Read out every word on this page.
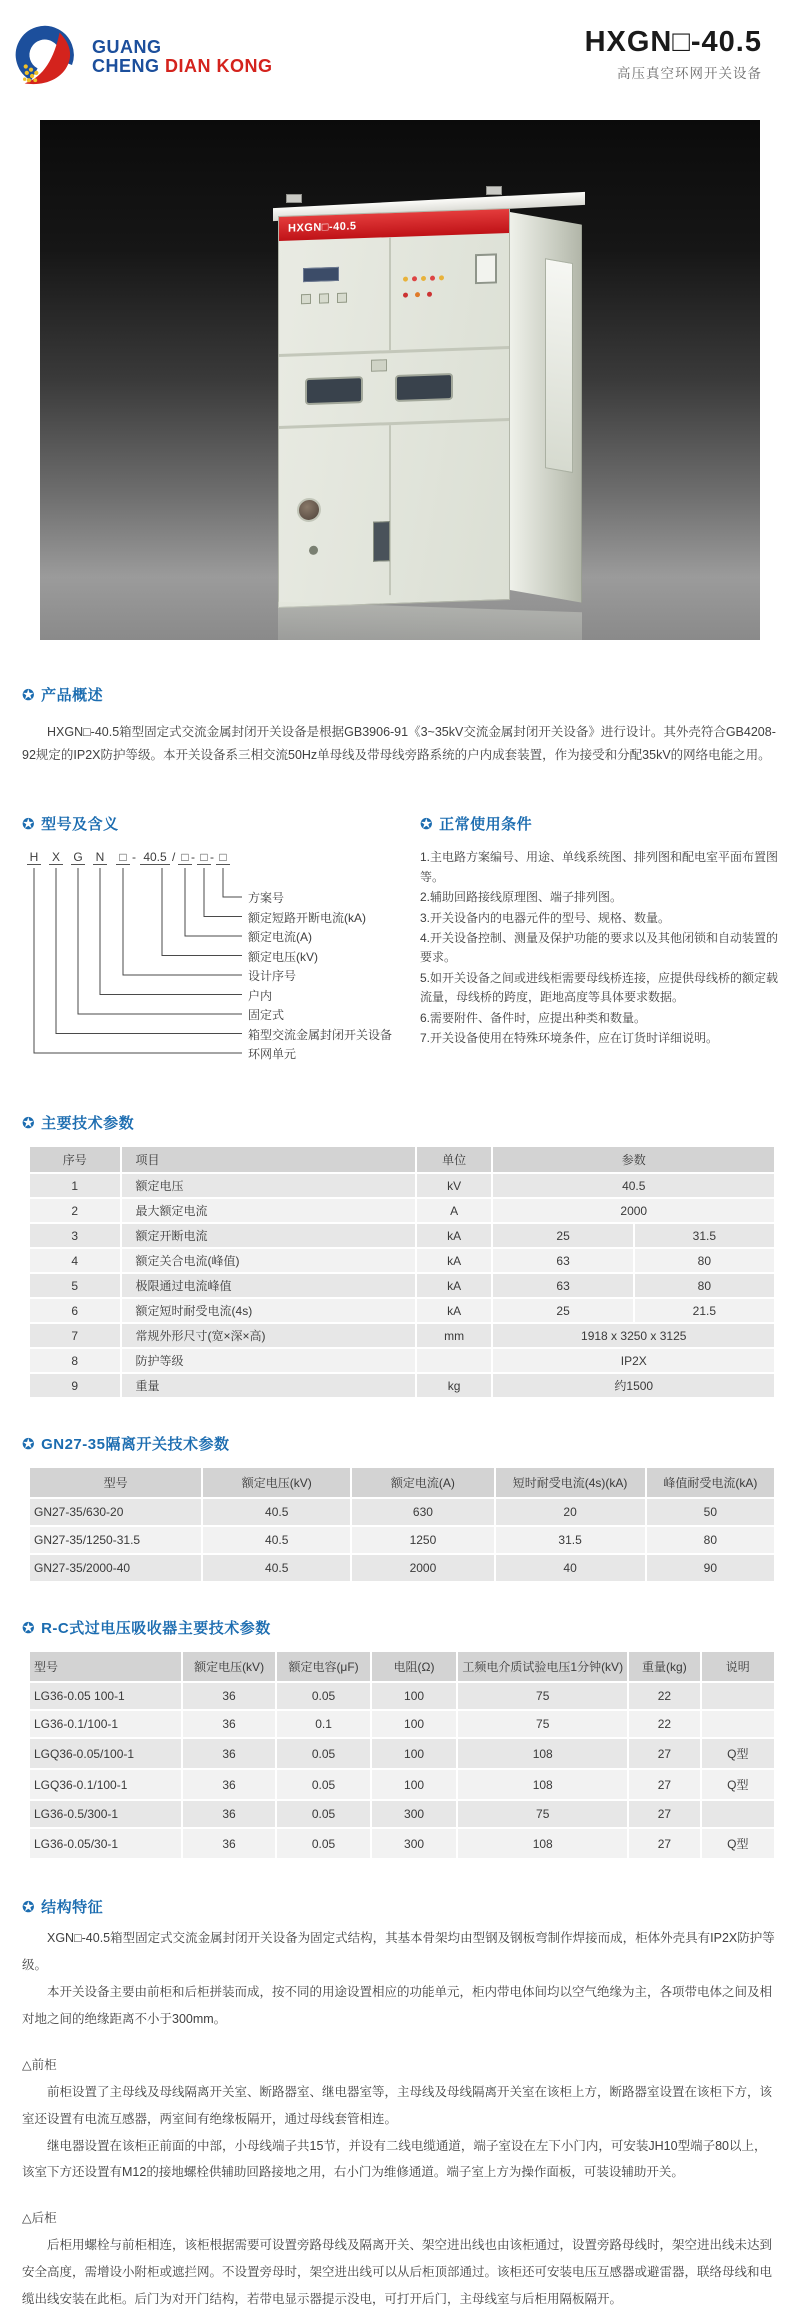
GUANG
CHENG DIAN KONG
HXGN□-40.5
高压真空环网开关设备
HXGN□-40.5
✪ 产品概述

HXGN□-40.5箱型固定式交流金属封闭开关设备是根据GB3906-91《3~35kV交流金属封闭开关设备》进行设计。其外壳符合GB4208-92规定的IP2X防护等级。本开关设备系三相交流50Hz单母线及带母线旁路系统的户内成套装置，作为接受和分配35kV的网络电能之用。

✪ 型号及含义
H X G N □ - 40.5 / □ - □ - □
方案号
额定短路开断电流(kA)
额定电流(A)
额定电压(kV)
设计序号
户内
固定式
箱型交流金属封闭开关设备
环网单元
✪ 正常使用条件
1.主电路方案编号、用途、单线系统图、排列图和配电室平面布置图等。
2.辅助回路接线原理图、端子排列图。
3.开关设备内的电器元件的型号、规格、数量。
4.开关设备控制、测量及保护功能的要求以及其他闭锁和自动装置的要求。
5.如开关设备之间或进线柜需要母线桥连接，应提供母线桥的额定载流量，母线桥的跨度，距地高度等具体要求数据。
6.需要附件、备件时，应提出种类和数量。
7.开关设备使用在特殊环境条件，应在订货时详细说明。
✪ 主要技术参数
序号	项目	单位	参数	
1	额定电压	kV	40.5	
2	最大额定电流	A	2000	
3	额定开断电流	kA	25	31.5
4	额定关合电流(峰值)	kA	63	80
5	极限通过电流峰值	kA	63	80
6	额定短时耐受电流(4s)	kA	25	21.5
7	常规外形尺寸(宽×深×高)	mm	1918 x 3250 x 3125	
8	防护等级		IP2X	
9	重量	kg	约1500	
✪ GN27-35隔离开关技术参数
型号	额定电压(kV)	额定电流(A)	短时耐受电流(4s)(kA)	峰值耐受电流(kA)
GN27-35/630-20	40.5	630	20	50
GN27-35/1250-31.5	40.5	1250	31.5	80
GN27-35/2000-40	40.5	2000	40	90
✪ R-C式过电压吸收器主要技术参数
型号	额定电压(kV)	额定电容(μF)	电阻(Ω)	工频电介质试验电压1分钟(kV)	重量(kg)	说明
LG36-0.05 100-1	36	0.05	100	75	22	
LG36-0.1/100-1	36	0.1	100	75	22	
LGQ36-0.05/100-1	36	0.05	100	108	27	Q型
LGQ36-0.1/100-1	36	0.05	100	108	27	Q型
LG36-0.5/300-1	36	0.05	300	75	27	
LG36-0.05/30-1	36	0.05	300	108	27	Q型
✪ 结构特征

XGN□-40.5箱型固定式交流金属封闭开关设备为固定式结构，其基本骨架均由型钢及钢板弯制作焊接而成，柜体外壳具有IP2X防护等级。

本开关设备主要由前柜和后柜拼装而成，按不同的用途设置相应的功能单元，柜内带电体间均以空气绝缘为主，各项带电体之间及相对地之间的绝缘距离不小于300mm。

△前柜

前柜设置了主母线及母线隔离开关室、断路器室、继电器室等，主母线及母线隔离开关室在该柜上方，断路器室设置在该柜下方，该室还设置有电流互感器，两室间有绝缘板隔开，通过母线套管相连。

继电器设置在该柜正前面的中部，小母线端子共15节，并设有二线电缆通道，端子室设在左下小门内，可安装JH10型端子80以上，该室下方还设置有M12的接地螺栓供辅助回路接地之用，右小门为维修通道。端子室上方为操作面板，可装设辅助开关。

△后柜

后柜用螺栓与前柜相连，该柜根据需要可设置旁路母线及隔离开关、架空进出线也由该柜通过，设置旁路母线时，架空进出线未达到安全高度，需增设小附柜或遮拦网。不设置旁母时，架空进出线可以从后柜顶部通过。该柜还可安装电压互感器或避雷器，联络母线和电缆出线安装在此柜。后门为对开门结构，若带电显示器提示没电，可打开后门，主母线室与后柜用隔板隔开。
